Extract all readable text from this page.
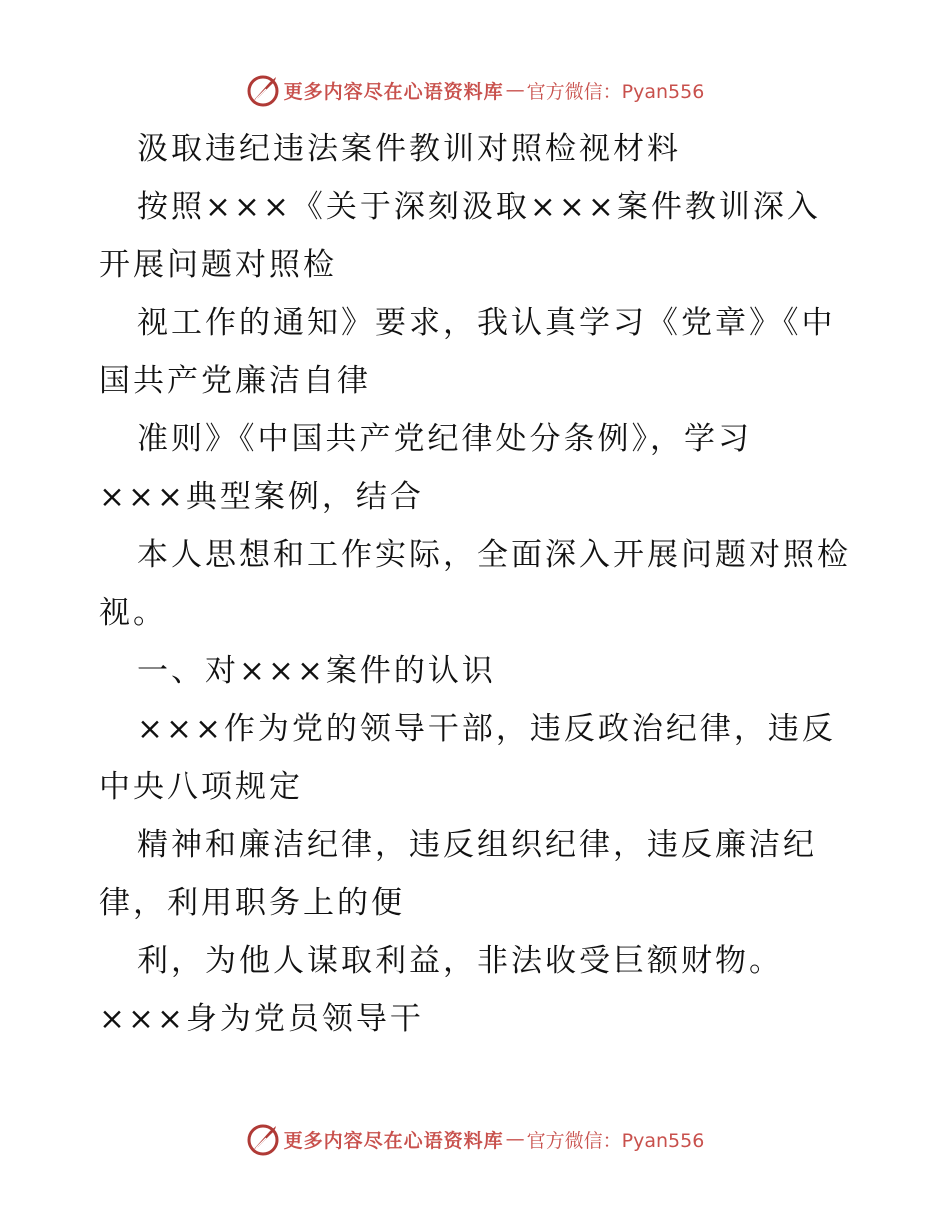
更多内容尽在心语资料库 — 官方微信：Pyan556
汲取违纪违法案件教训对照检视材料
按照×××《关于深刻汲取×××案件教训深入
开展问题对照检
视工作的通知》要求，我认真学习《党章》《中
国共产党廉洁自律
准则》《中国共产党纪律处分条例》，学习
×××典型案例，结合
本人思想和工作实际，全面深入开展问题对照检
视。
一、对×××案件的认识
×××作为党的领导干部，违反政治纪律，违反
中央八项规定
精神和廉洁纪律，违反组织纪律，违反廉洁纪
律，利用职务上的便
利，为他人谋取利益，非法收受巨额财物。
×××身为党员领导干
更多内容尽在心语资料库 — 官方微信：Pyan556
